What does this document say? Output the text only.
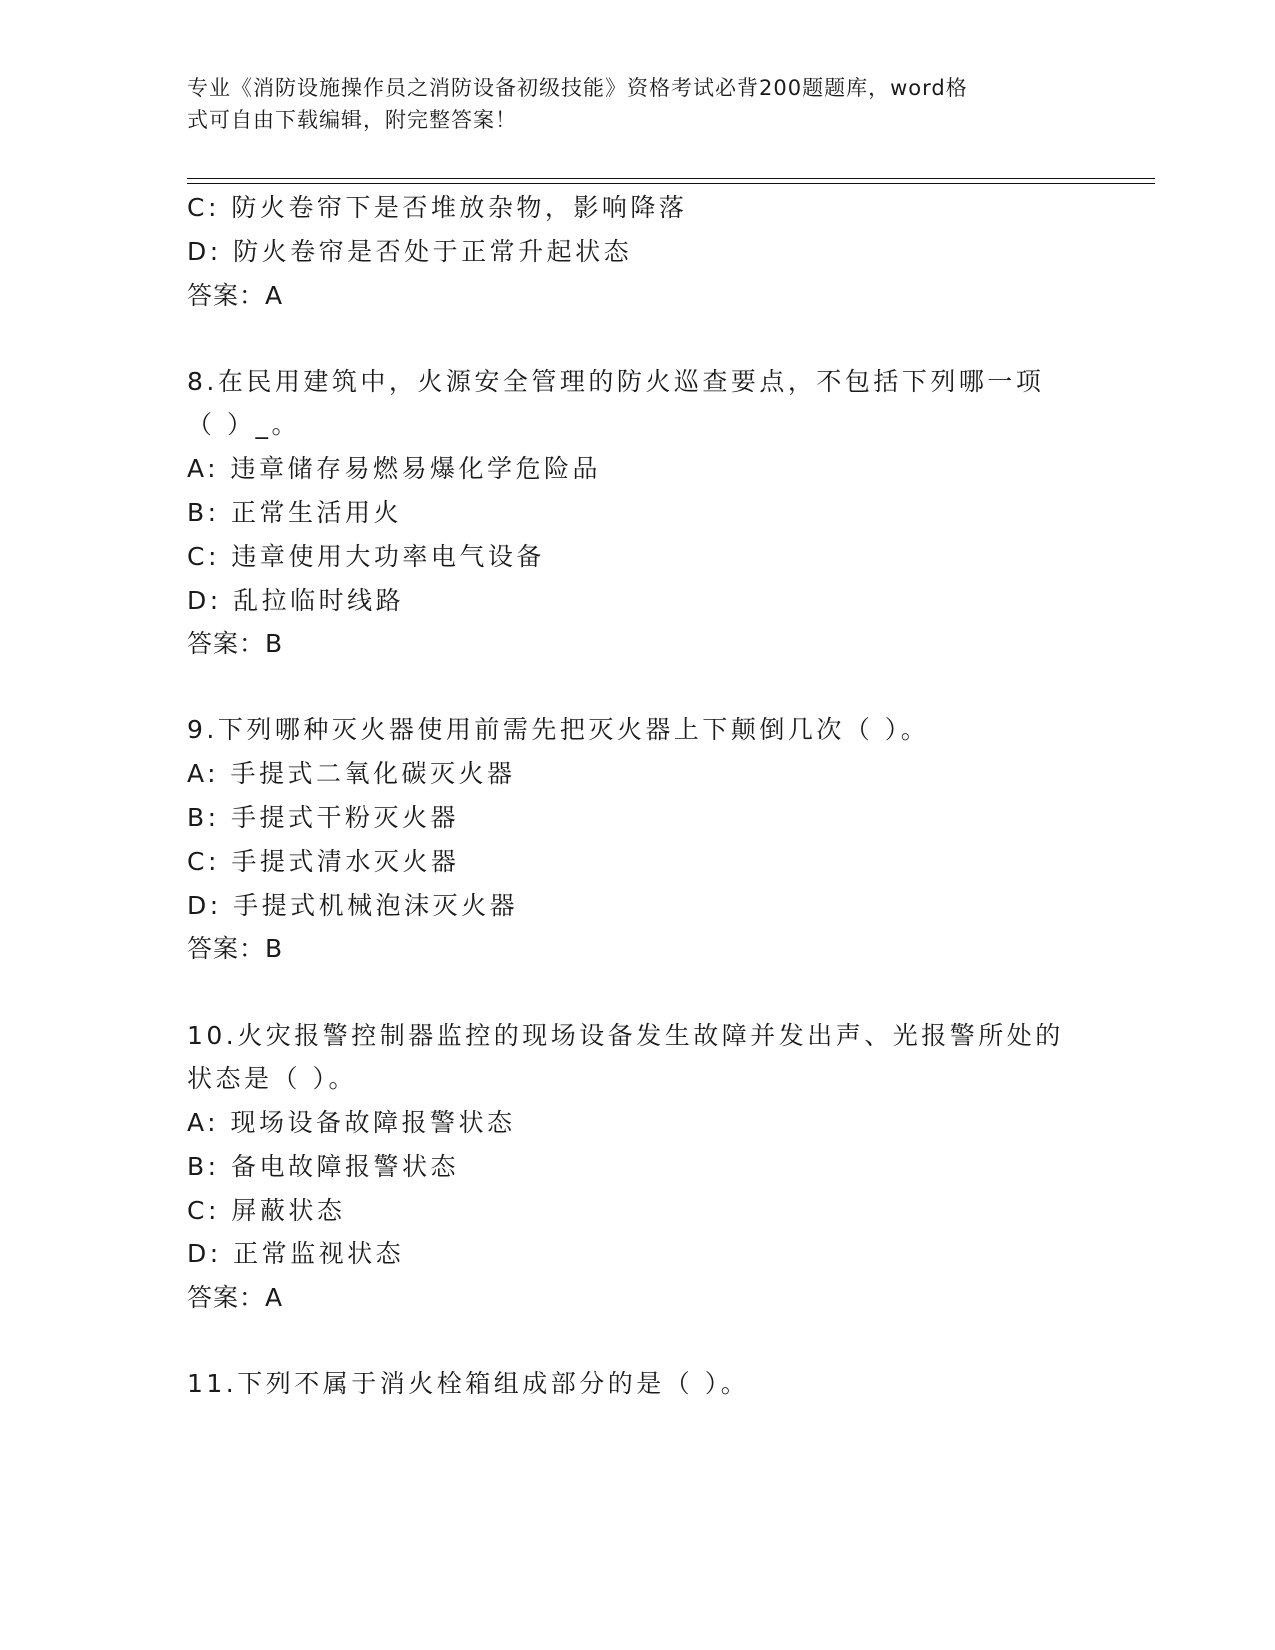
专业《消防设施操作员之消防设备初级技能》资格考试必背200题题库，word格
式可自由下载编辑，附完整答案！
C: 防火卷帘下是否堆放杂物，影响降落
D: 防火卷帘是否处于正常升起状态
答案：A
8.在民用建筑中，火源安全管理的防火巡查要点，不包括下列哪一项
（ ）_。
A: 违章储存易燃易爆化学危险品
B: 正常生活用火
C: 违章使用大功率电气设备
D: 乱拉临时线路
答案：B
9.下列哪种灭火器使用前需先把灭火器上下颠倒几次（ ）。
A: 手提式二氧化碳灭火器
B: 手提式干粉灭火器
C: 手提式清水灭火器
D: 手提式机械泡沫灭火器
答案：B
10.火灾报警控制器监控的现场设备发生故障并发出声、光报警所处的
状态是（ ）。
A: 现场设备故障报警状态
B: 备电故障报警状态
C: 屏蔽状态
D: 正常监视状态
答案：A
11.下列不属于消火栓箱组成部分的是（ ）。
